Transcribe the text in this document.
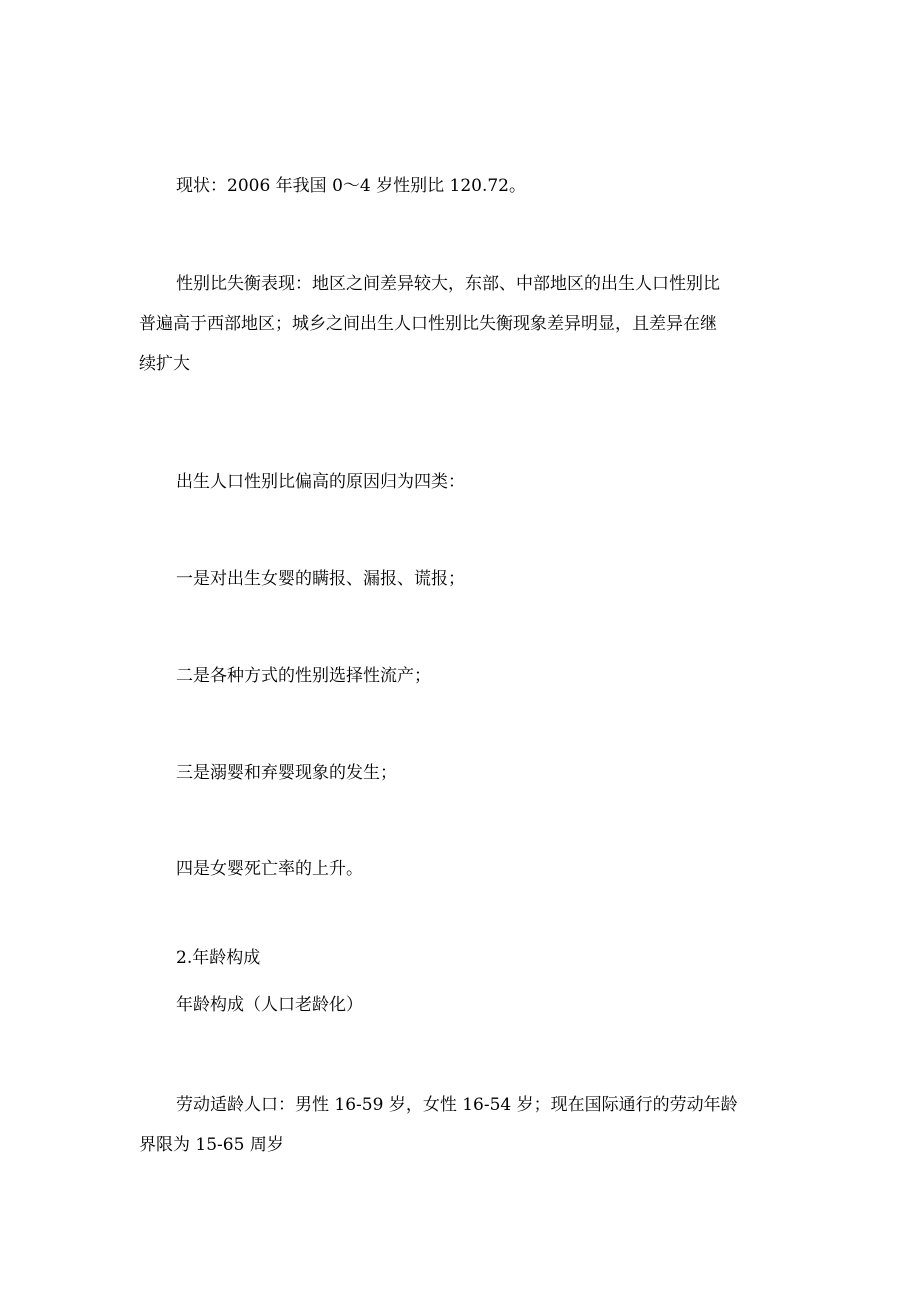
现状：2006 年我国 0～4 岁性别比 120.72。

性别比失衡表现：地区之间差异较大，东部、中部地区的出生人口性别比
普遍高于西部地区；城乡之间出生人口性别比失衡现象差异明显，且差异在继
续扩大

出生人口性别比偏高的原因归为四类：

一是对出生女婴的瞒报、漏报、谎报；

二是各种方式的性别选择性流产；

三是溺婴和弃婴现象的发生；

四是女婴死亡率的上升。

2.年龄构成

年龄构成（人口老龄化）

劳动适龄人口：男性 16-59 岁，女性 16-54 岁；现在国际通行的劳动年龄
界限为 15-65 周岁
